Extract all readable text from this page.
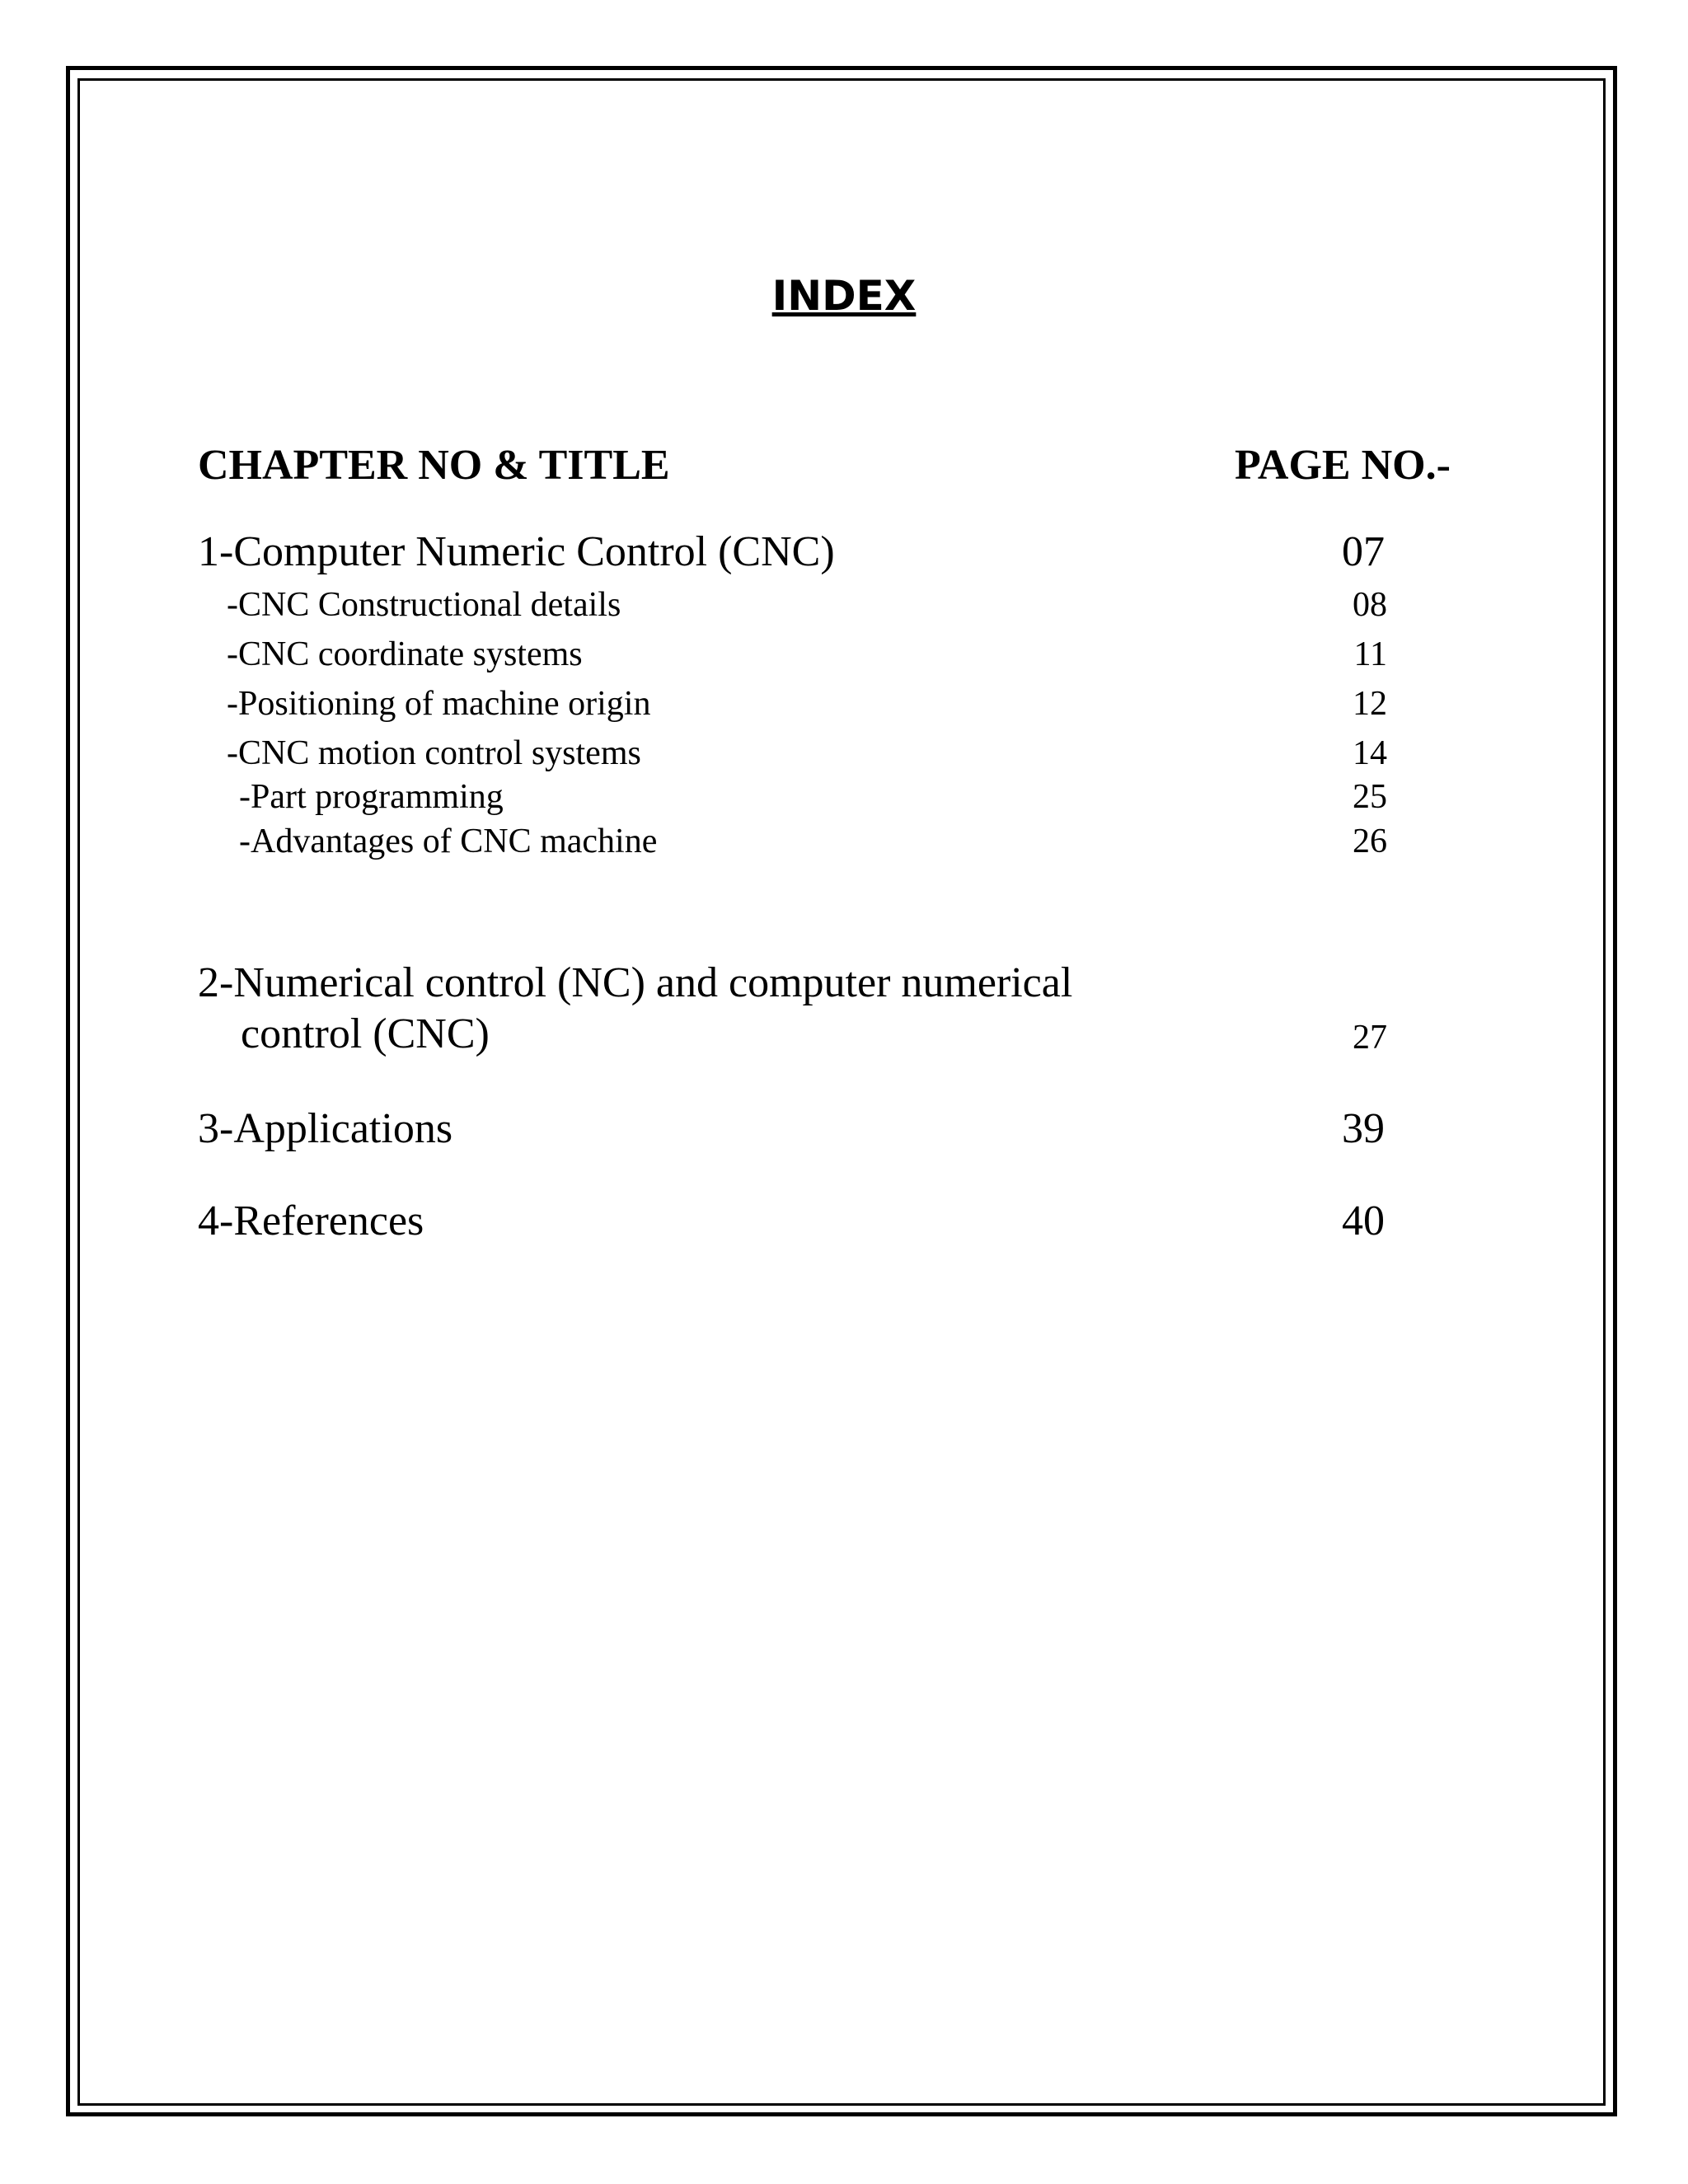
INDEX
CHAPTER NO & TITLE	PAGE NO.-
1-Computer Numeric Control (CNC)	07
-CNC Constructional details	08
-CNC coordinate systems	11
-Positioning of machine origin	12
-CNC motion control systems	14
-Part programming	25
-Advantages of CNC machine	26
2-Numerical control (NC) and computer numerical
control (CNC)	27
3-Applications	39
4-References	40
